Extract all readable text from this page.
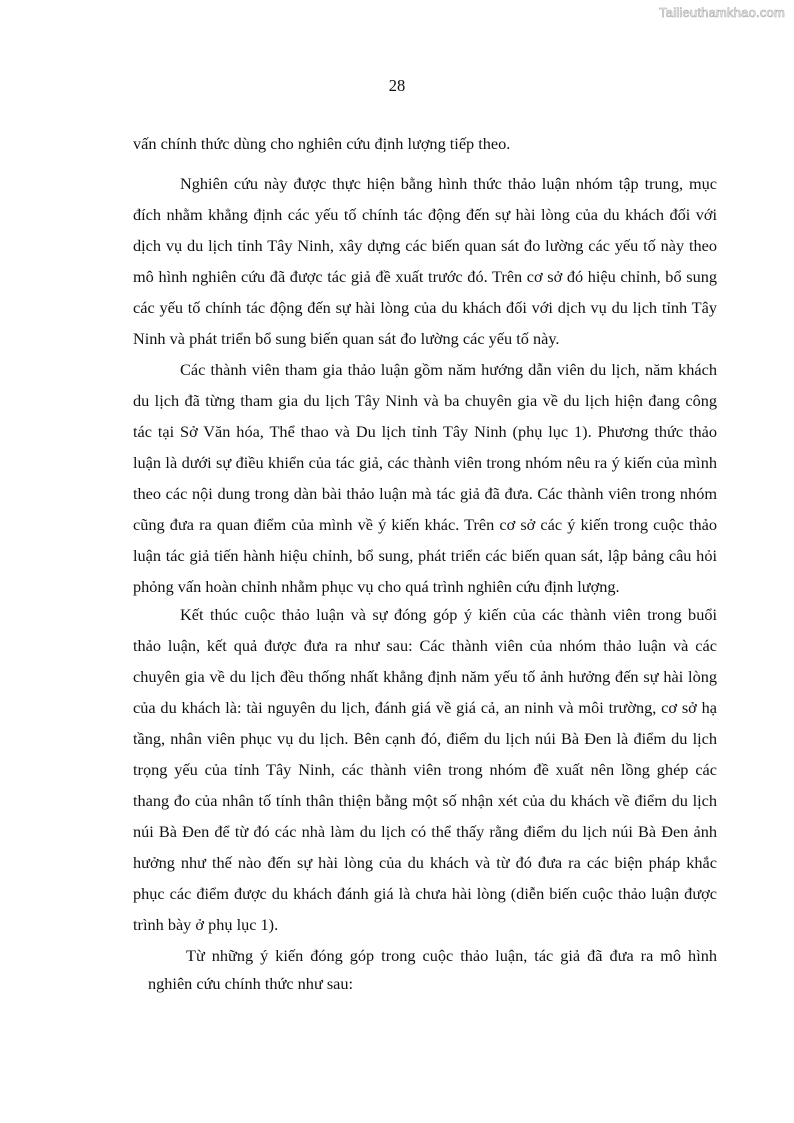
Tailieuthamkhao.com
28
vấn chính thức dùng cho nghiên cứu định lượng tiếp theo.
Nghiên cứu này được thực hiện bằng hình thức thảo luận nhóm tập trung, mục
đích nhằm khẳng định các yếu tố chính tác động đến sự hài lòng của du khách đối với
dịch vụ du lịch tỉnh Tây Ninh, xây dựng các biến quan sát đo lường các yếu tố này theo
mô hình nghiên cứu đã được tác giả đề xuất trước đó. Trên cơ sở đó hiệu chỉnh, bổ sung
các yếu tố chính tác động đến sự hài lòng của du khách đối với dịch vụ du lịch tỉnh Tây
Ninh và phát triển bổ sung biến quan sát đo lường các yếu tố này.
Các thành viên tham gia thảo luận gồm năm hướng dẫn viên du lịch, năm khách
du lịch đã từng tham gia du lịch Tây Ninh và ba chuyên gia về du lịch hiện đang công
tác tại Sở Văn hóa, Thể thao và Du lịch tỉnh Tây Ninh (phụ lục 1). Phương thức thảo
luận là dưới sự điều khiển của tác giả, các thành viên trong nhóm nêu ra ý kiến của mình
theo các nội dung trong dàn bài thảo luận mà tác giả đã đưa. Các thành viên trong nhóm
cũng đưa ra quan điểm của mình về ý kiến khác. Trên cơ sở các ý kiến trong cuộc thảo
luận tác giả tiến hành hiệu chỉnh, bổ sung, phát triển các biến quan sát, lập bảng câu hỏi
phỏng vấn hoàn chỉnh nhằm phục vụ cho quá trình nghiên cứu định lượng.
Kết thúc cuộc thảo luận và sự đóng góp ý kiến của các thành viên trong buổi
thảo luận, kết quả được đưa ra như sau: Các thành viên của nhóm thảo luận và các
chuyên gia về du lịch đều thống nhất khẳng định năm yếu tố ảnh hưởng đến sự hài lòng
của du khách là: tài nguyên du lịch, đánh giá về giá cả, an ninh và môi trường, cơ sở hạ
tầng, nhân viên phục vụ du lịch. Bên cạnh đó, điểm du lịch núi Bà Đen là điểm du lịch
trọng yếu của tỉnh Tây Ninh, các thành viên trong nhóm đề xuất nên lồng ghép các
thang đo của nhân tố tính thân thiện bằng một số nhận xét của du khách về điểm du lịch
núi Bà Đen để từ đó các nhà làm du lịch có thể thấy rằng điểm du lịch núi Bà Đen ảnh
hưởng như thế nào đến sự hài lòng của du khách và từ đó đưa ra các biện pháp khắc
phục các điểm được du khách đánh giá là chưa hài lòng (diễn biến cuộc thảo luận được
trình bày ở phụ lục 1).
Từ những ý kiến đóng góp trong cuộc thảo luận, tác giả đã đưa ra mô hình
nghiên cứu chính thức như sau:
